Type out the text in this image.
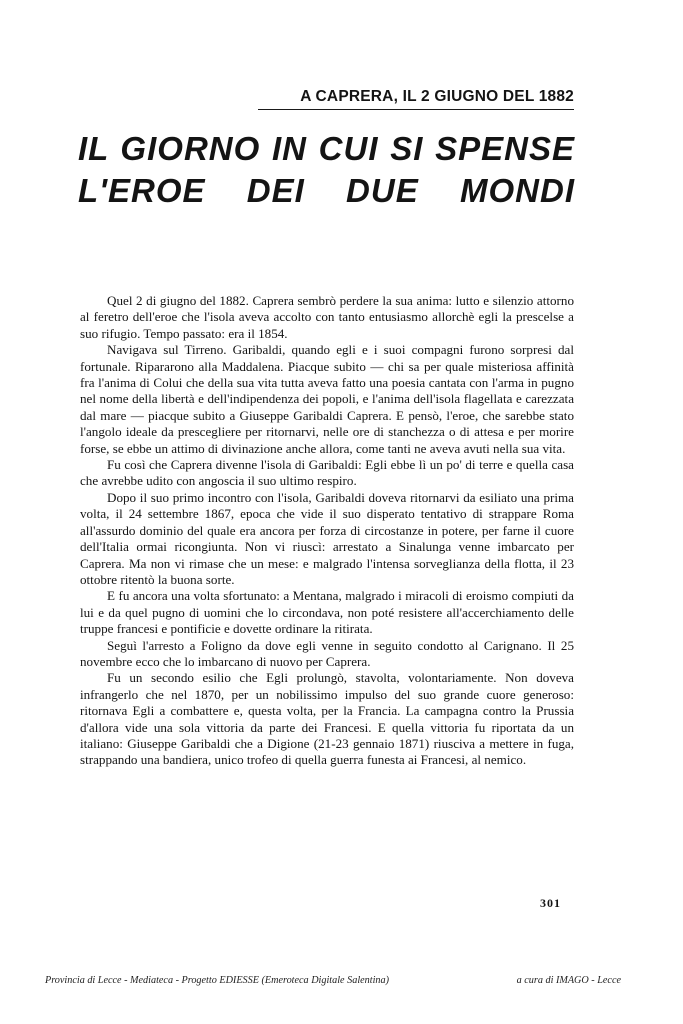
A CAPRERA, IL 2 GIUGNO DEL 1882
IL GIORNO IN CUI SI SPENSE
L'EROE DEI DUE MONDI

Quel 2 di giugno del 1882. Caprera sembrò perdere la sua anima: lutto e silenzio attorno al feretro dell'eroe che l'isola aveva accolto con tanto entusiasmo allorchè egli la prescelse a suo rifugio. Tempo passato: era il 1854.

Navigava sul Tirreno. Garibaldi, quando egli e i suoi compagni furono sorpresi dal fortunale. Ripararono alla Maddalena. Piacque subito — chi sa per quale misteriosa affinità fra l'anima di Colui che della sua vita tutta aveva fatto una poesia cantata con l'arma in pugno nel nome della libertà e dell'indipendenza dei popoli, e l'anima dell'isola flagellata e carezzata dal mare — piacque subito a Giuseppe Garibaldi Caprera. E pensò, l'eroe, che sarebbe stato l'angolo ideale da prescegliere per ritornarvi, nelle ore di stanchezza o di attesa e per morire forse, se ebbe un attimo di divinazione anche allora, come tanti ne aveva avuti nella sua vita.

Fu così che Caprera divenne l'isola di Garibaldi: Egli ebbe lì un po' di terre e quella casa che avrebbe udito con angoscia il suo ultimo respiro.

Dopo il suo primo incontro con l'isola, Garibaldi doveva ritornarvi da esiliato una prima volta, il 24 settembre 1867, epoca che vide il suo disperato tentativo di strappare Roma all'assurdo dominio del quale era ancora per forza di circostanze in potere, per farne il cuore dell'Italia ormai ricongiunta. Non vi riuscì: arrestato a Sinalunga venne imbarcato per Caprera. Ma non vi rimase che un mese: e malgrado l'intensa sorveglianza della flotta, il 23 ottobre ritentò la buona sorte.

E fu ancora una volta sfortunato: a Mentana, malgrado i miracoli di eroismo compiuti da lui e da quel pugno di uomini che lo circondava, non poté resistere all'accerchiamento delle truppe francesi e pontificie e dovette ordinare la ritirata.

Seguì l'arresto a Foligno da dove egli venne in seguito condotto al Carignano. Il 25 novembre ecco che lo imbarcano di nuovo per Caprera.

Fu un secondo esilio che Egli prolungò, stavolta, volontariamente. Non doveva infrangerlo che nel 1870, per un nobilissimo impulso del suo grande cuore generoso: ritornava Egli a combattere e, questa volta, per la Francia. La campagna contro la Prussia d'allora vide una sola vittoria da parte dei Francesi. E quella vittoria fu riportata da un italiano: Giuseppe Garibaldi che a Digione (21-23 gennaio 1871) riusciva a mettere in fuga, strappando una bandiera, unico trofeo di quella guerra funesta ai Francesi, al nemico.

301
Provincia di Lecce - Mediateca - Progetto EDIESSE (Emeroteca Digitale Salentina)	a cura di IMAGO - Lecce
